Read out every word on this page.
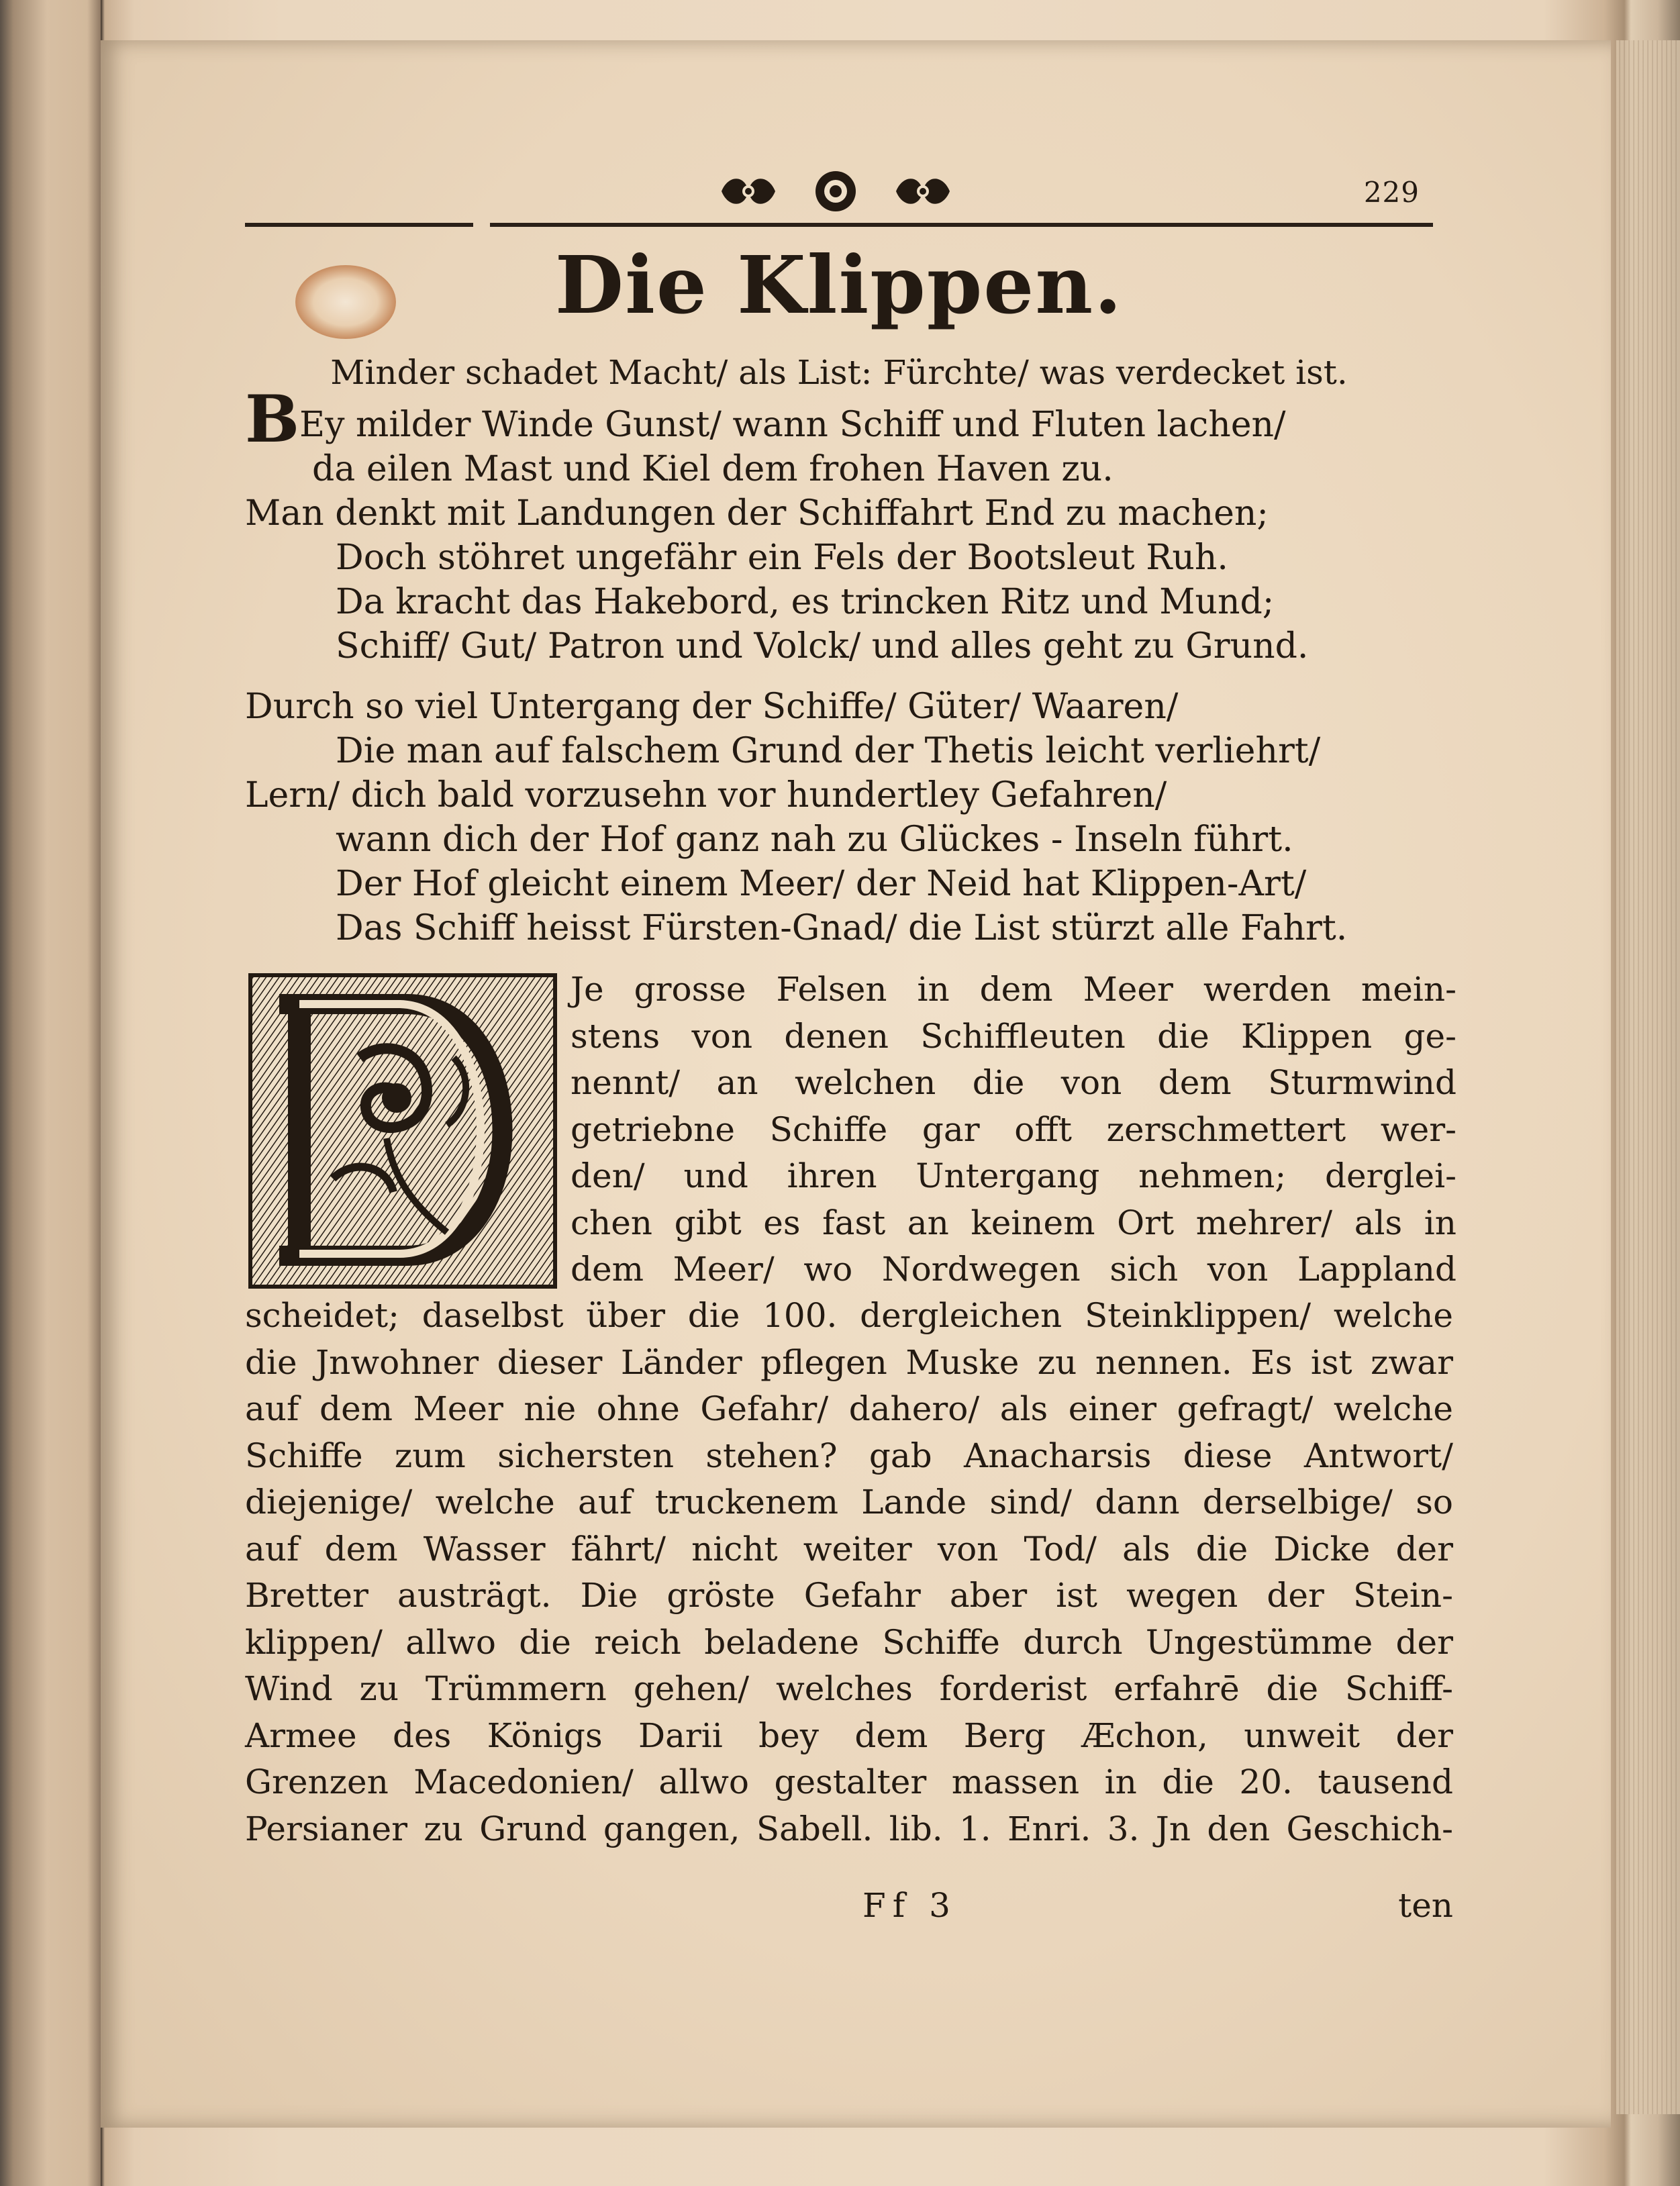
229
Die Klippen.
Minder schadet Macht/ als List: Fürchte/ was verdecket ist.
BEy milder Winde Gunst/ wann Schiff und Fluten lachen/
da eilen Mast und Kiel dem frohen Haven zu.
Man denkt mit Landungen der Schiffahrt End zu machen;
Doch stöhret ungefähr ein Fels der Bootsleut Ruh.
Da kracht das Hakebord, es trincken Ritz und Mund;
Schiff/ Gut/ Patron und Volck/ und alles geht zu Grund.
Durch so viel Untergang der Schiffe/ Güter/ Waaren/
Die man auf falschem Grund der Thetis leicht verliehrt/
Lern/ dich bald vorzusehn vor hundertley Gefahren/
wann dich der Hof ganz nah zu Glückes - Inseln führt.
Der Hof gleicht einem Meer/ der Neid hat Klippen-Art/
Das Schiff heisst Fürsten-Gnad/ die List stürzt alle Fahrt.
Je grosse Felsen in dem Meer werden mein-
stens von denen Schiffleuten die Klippen ge-
nennt/ an welchen die von dem Sturmwind
getriebne Schiffe gar offt zerschmettert wer-
den/ und ihren Untergang nehmen; derglei-
chen gibt es fast an keinem Ort mehrer/ als in
dem Meer/ wo Nordwegen sich von Lappland
scheidet; daselbst über die 100. dergleichen Steinklippen/ welche
die Jnwohner dieser Länder pflegen Muske zu nennen. Es ist zwar
auf dem Meer nie ohne Gefahr/ dahero/ als einer gefragt/ welche
Schiffe zum sichersten stehen? gab Anacharsis diese Antwort/
diejenige/ welche auf truckenem Lande sind/ dann derselbige/ so
auf dem Wasser fährt/ nicht weiter von Tod/ als die Dicke der
Bretter austrägt. Die gröste Gefahr aber ist wegen der Stein-
klippen/ allwo die reich beladene Schiffe durch Ungestümme der
Wind zu Trümmern gehen/ welches forderist erfahrē die Schiff-
Armee des Königs Darii bey dem Berg Æchon, unweit der
Grenzen Macedonien/ allwo gestalter massen in die 20. tausend
Persianer zu Grund gangen, Sabell. lib. 1. Enri. 3. Jn den Geschich-
Ff 3	ten
